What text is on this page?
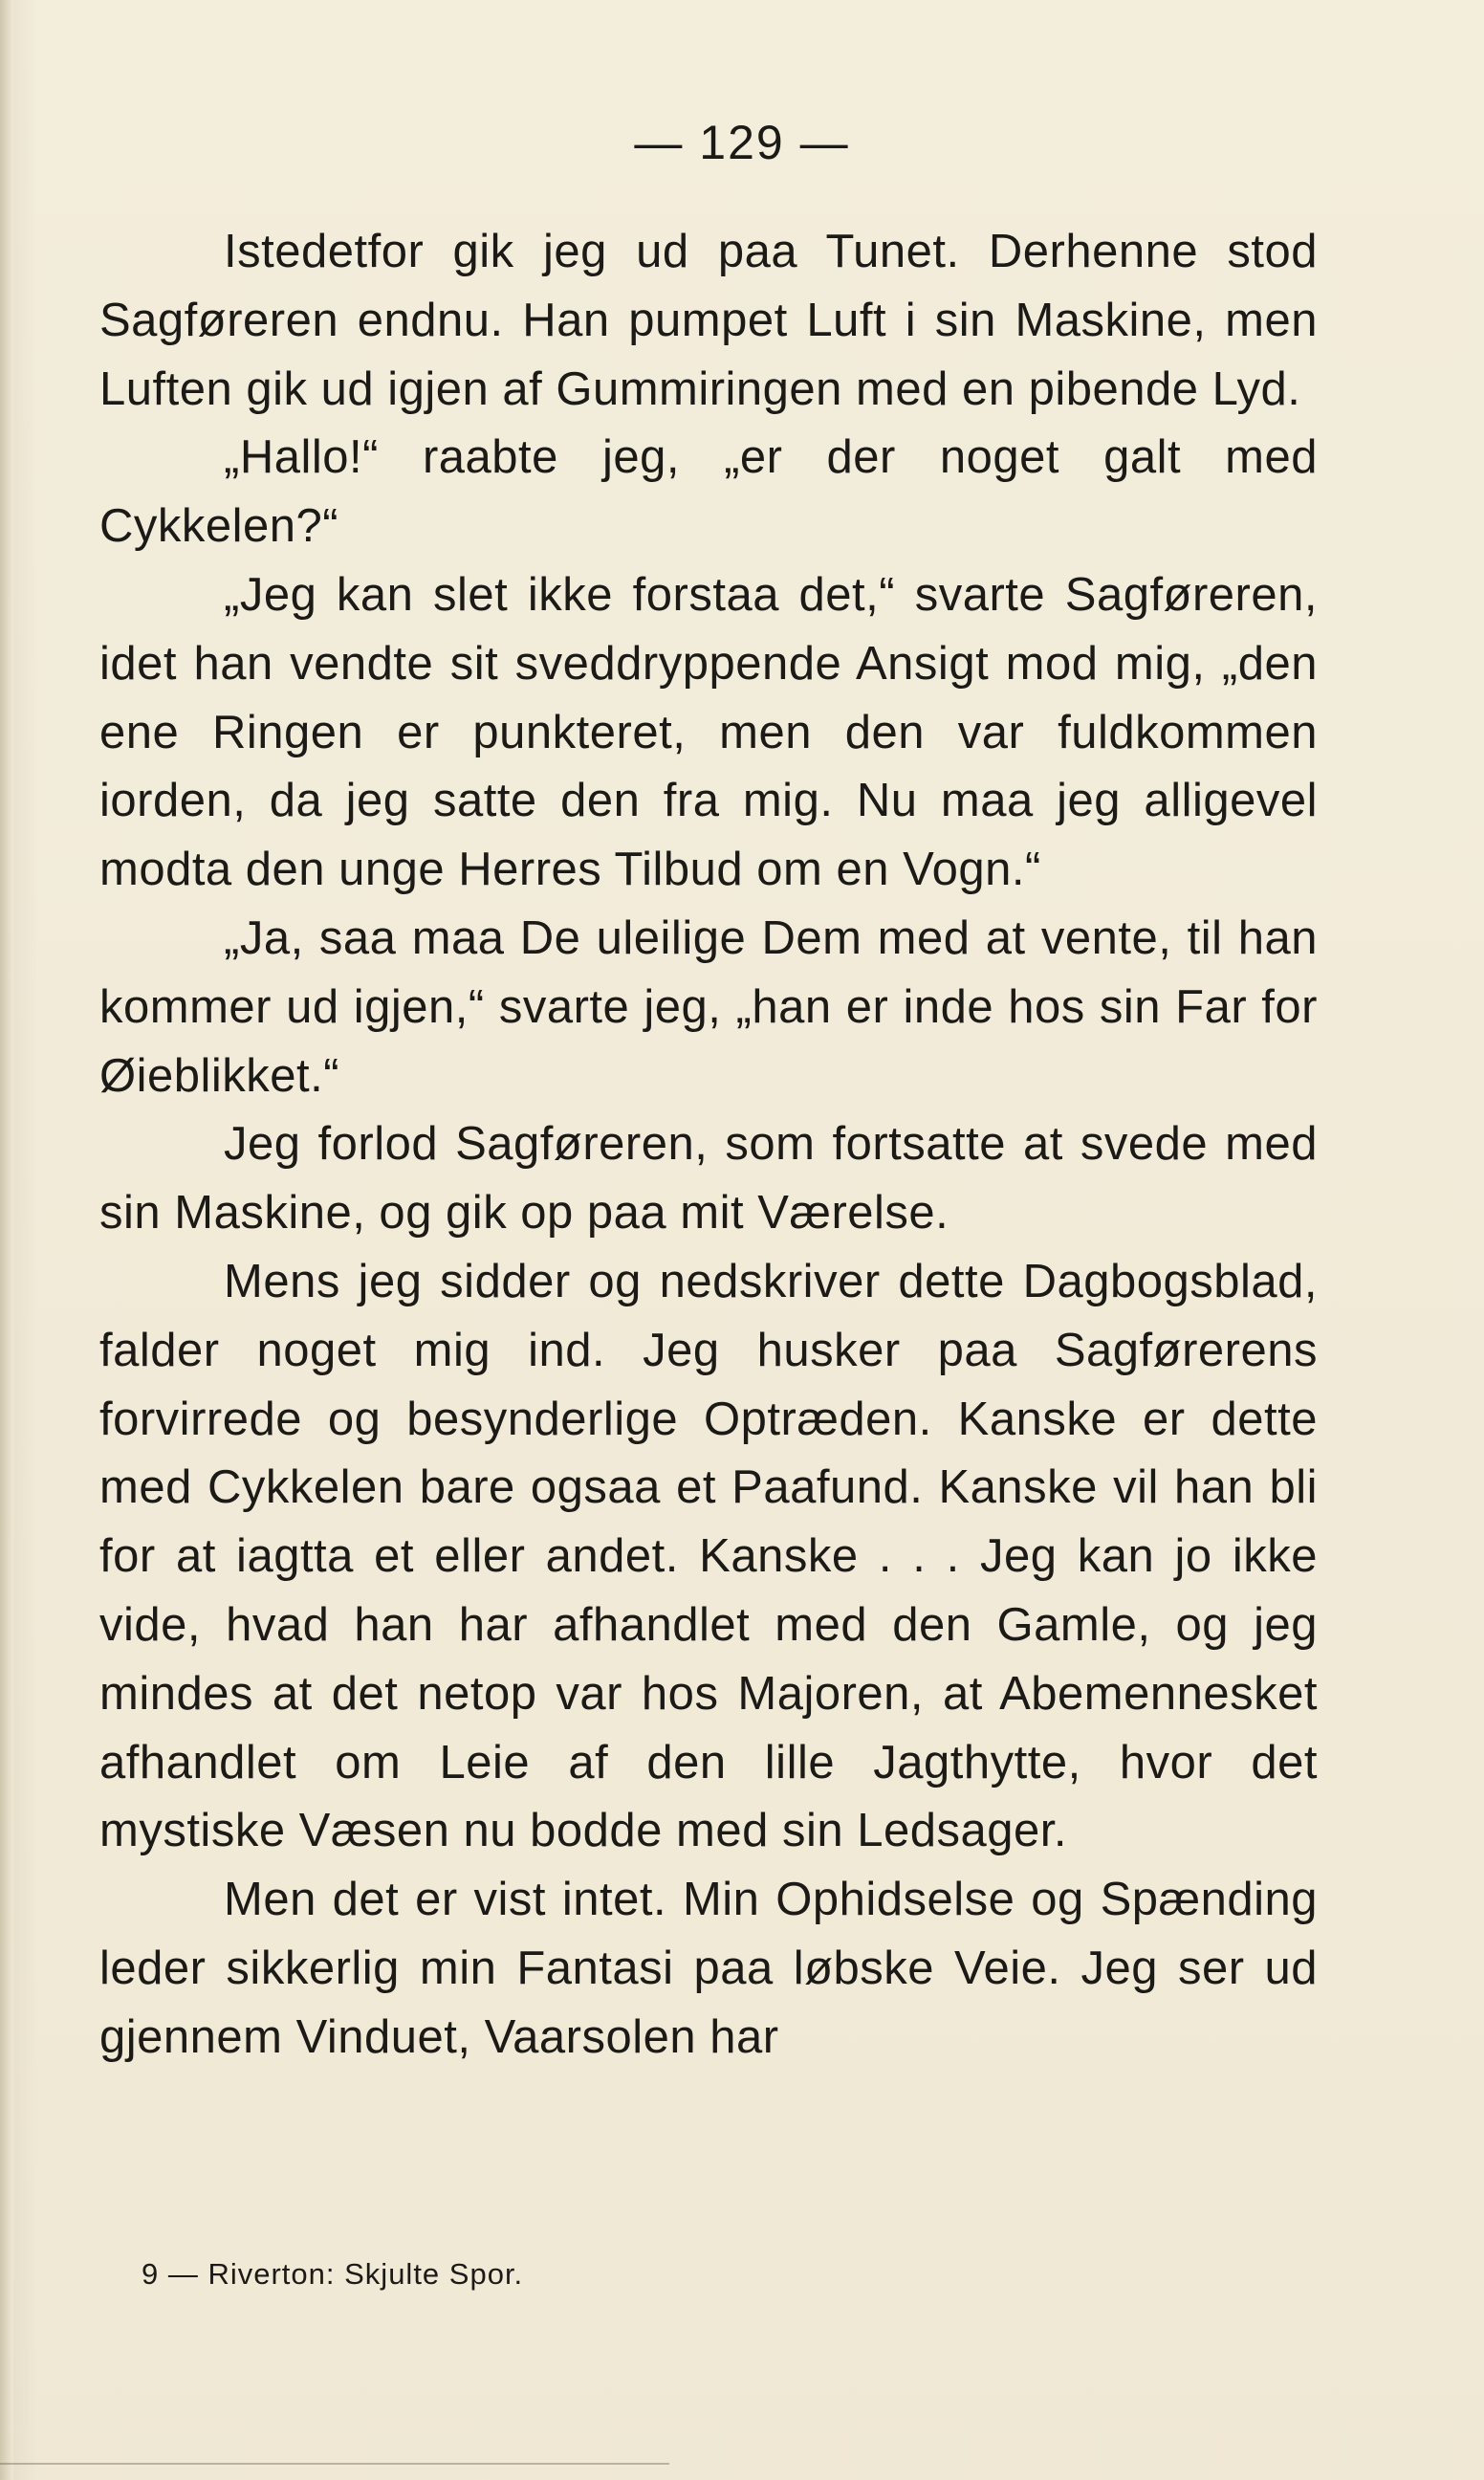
— 129 —

Istedetfor gik jeg ud paa Tunet. Derhenne stod Sagføreren endnu. Han pumpet Luft i sin Maskine, men Luften gik ud igjen af Gummiringen med en pibende Lyd.

„Hallo!“ raabte jeg, „er der noget galt med Cykkelen?“

„Jeg kan slet ikke forstaa det,“ svarte Sagføreren, idet han vendte sit sveddryppende Ansigt mod mig, „den ene Ringen er punkteret, men den var fuldkommen iorden, da jeg satte den fra mig. Nu maa jeg alligevel modta den unge Herres Tilbud om en Vogn.“

„Ja, saa maa De uleilige Dem med at vente, til han kommer ud igjen,“ svarte jeg, „han er inde hos sin Far for Øieblikket.“

Jeg forlod Sagføreren, som fortsatte at svede med sin Maskine, og gik op paa mit Værelse.

Mens jeg sidder og nedskriver dette Dagbogsblad, falder noget mig ind. Jeg husker paa Sagførerens forvirrede og besynderlige Optræden. Kanske er dette med Cykkelen bare ogsaa et Paafund. Kanske vil han bli for at iagtta et eller andet. Kanske . . . Jeg kan jo ikke vide, hvad han har afhandlet med den Gamle, og jeg mindes at det netop var hos Majoren, at Abemennesket afhandlet om Leie af den lille Jagthytte, hvor det mystiske Væsen nu bodde med sin Ledsager.

Men det er vist intet. Min Ophidselse og Spænding leder sikkerlig min Fantasi paa løbske Veie. Jeg ser ud gjennem Vinduet, Vaarsolen har

9 — Riverton: Skjulte Spor.
